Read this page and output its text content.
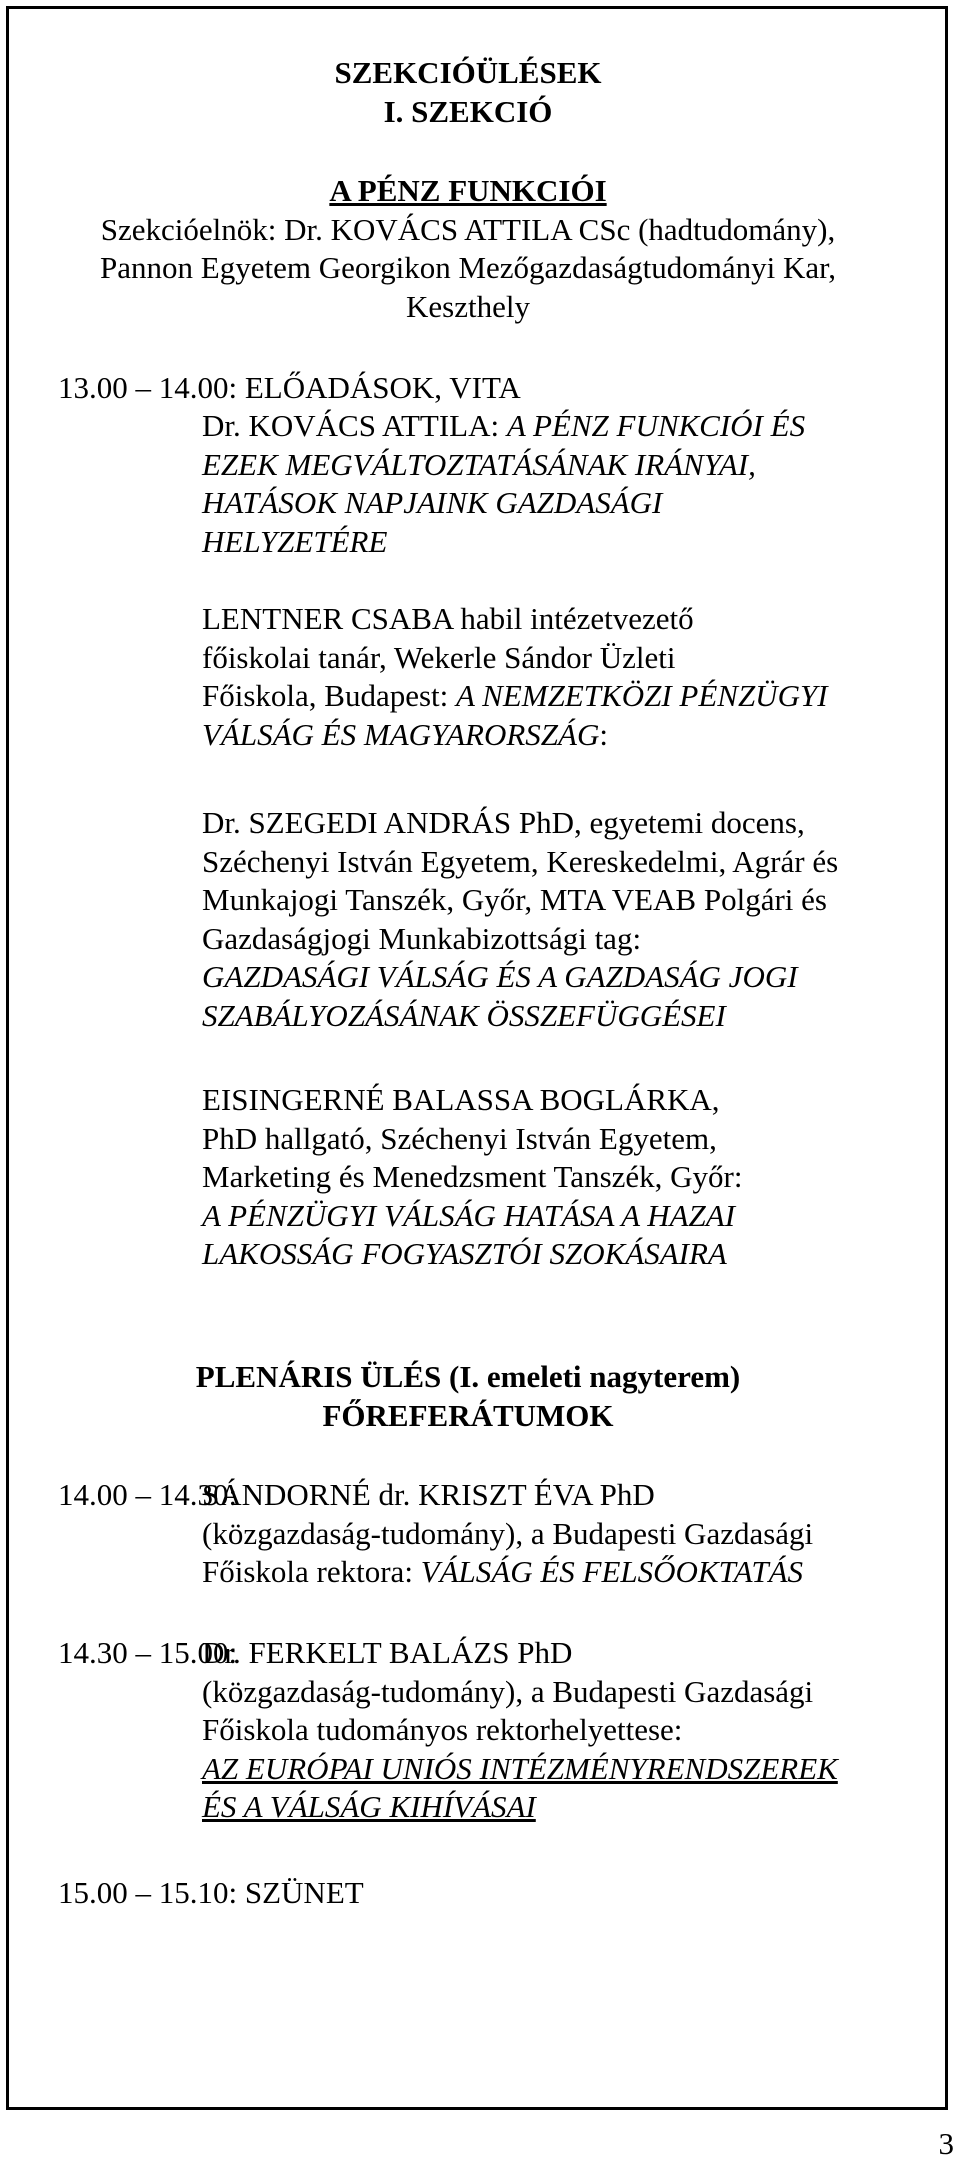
SZEKCIÓÜLÉSEK
I. SZEKCIÓ
A PÉNZ FUNKCIÓI
Szekcióelnök: Dr. KOVÁCS ATTILA CSc (hadtudomány),
Pannon Egyetem Georgikon Mezőgazdaságtudományi Kar,
Keszthely
13.00 – 14.00: ELŐADÁSOK, VITA
Dr. KOVÁCS ATTILA: A PÉNZ FUNKCIÓI ÉS
EZEK MEGVÁLTOZTATÁSÁNAK IRÁNYAI,
HATÁSOK NAPJAINK GAZDASÁGI
HELYZETÉRE
LENTNER CSABA habil intézetvezető
főiskolai tanár, Wekerle Sándor Üzleti
Főiskola, Budapest: A NEMZETKÖZI PÉNZÜGYI
VÁLSÁG ÉS MAGYARORSZÁG:
Dr. SZEGEDI ANDRÁS PhD, egyetemi docens,
Széchenyi István Egyetem, Kereskedelmi, Agrár és
Munkajogi Tanszék, Győr, MTA VEAB Polgári és
Gazdaságjogi Munkabizottsági tag:
GAZDASÁGI VÁLSÁG ÉS A GAZDASÁG JOGI
SZABÁLYOZÁSÁNAK ÖSSZEFÜGGÉSEI
EISINGERNÉ BALASSA BOGLÁRKA,
PhD hallgató, Széchenyi István Egyetem,
Marketing és Menedzsment Tanszék, Győr:
A PÉNZÜGYI VÁLSÁG HATÁSA A HAZAI
LAKOSSÁG FOGYASZTÓI SZOKÁSAIRA
PLENÁRIS ÜLÉS (I. emeleti nagyterem)
FŐREFERÁTUMOK
14.00 – 14.30:
SÁNDORNÉ dr. KRISZT ÉVA PhD
(közgazdaság-tudomány), a Budapesti Gazdasági
Főiskola rektora: VÁLSÁG ÉS FELSŐOKTATÁS
14.30 – 15.00:
Dr. FERKELT BALÁZS PhD
(közgazdaság-tudomány), a Budapesti Gazdasági
Főiskola tudományos rektorhelyettese:
AZ EURÓPAI UNIÓS INTÉZMÉNYRENDSZEREK
ÉS A VÁLSÁG KIHÍVÁSAI
15.00 – 15.10: SZÜNET
3
